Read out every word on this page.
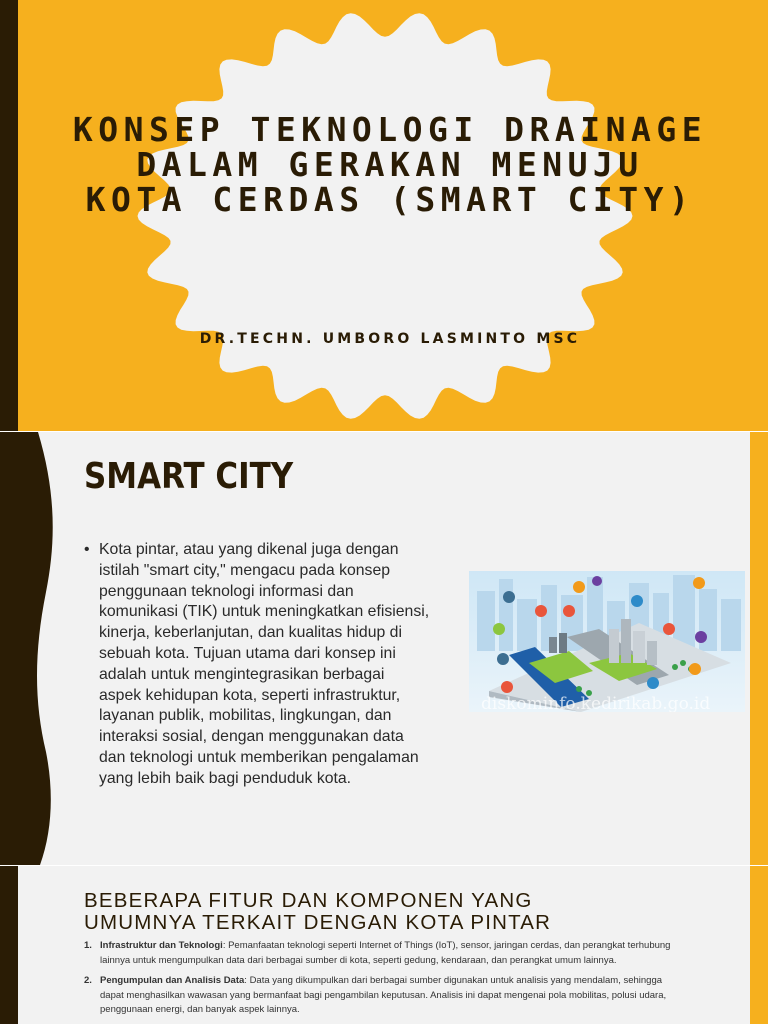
KONSEP TEKNOLOGI DRAINAGE
DALAM GERAKAN MENUJU
KOTA CERDAS (SMART CITY)
DR.TECHN. UMBORO LASMINTO MSC
SMART CITY
• Kota pintar, atau yang dikenal juga dengan
istilah "smart city," mengacu pada konsep
penggunaan teknologi informasi dan
komunikasi (TIK) untuk meningkatkan efisiensi,
kinerja, keberlanjutan, dan kualitas hidup di
sebuah kota. Tujuan utama dari konsep ini
adalah untuk mengintegrasikan berbagai
aspek kehidupan kota, seperti infrastruktur,
layanan publik, mobilitas, lingkungan, dan
interaksi sosial, dengan menggunakan data
dan teknologi untuk memberikan pengalaman
yang lebih baik bagi penduduk kota.
diskominfo.kedirikab.go.id
BEBERAPA FITUR DAN KOMPONEN YANG
UMUMNYA TERKAIT DENGAN KOTA PINTAR
1. Infrastruktur dan Teknologi: Pemanfaatan teknologi seperti Internet of Things (IoT), sensor, jaringan cerdas, dan perangkat terhubung
lainnya untuk mengumpulkan data dari berbagai sumber di kota, seperti gedung, kendaraan, dan perangkat umum lainnya.
2. Pengumpulan dan Analisis Data: Data yang dikumpulkan dari berbagai sumber digunakan untuk analisis yang mendalam, sehingga
dapat menghasilkan wawasan yang bermanfaat bagi pengambilan keputusan. Analisis ini dapat mengenai pola mobilitas, polusi udara,
penggunaan energi, dan banyak aspek lainnya.
